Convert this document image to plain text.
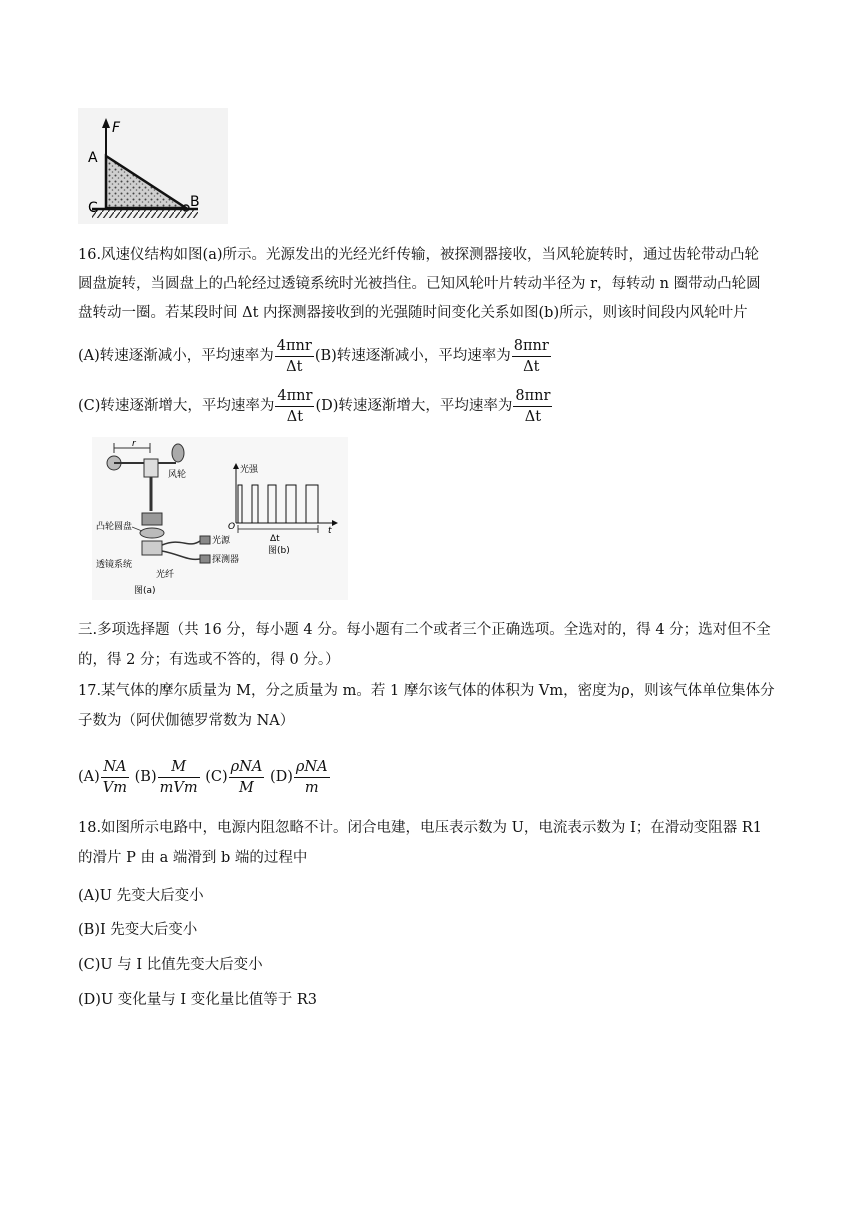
F
A
B
C
16.风速仪结构如图(a)所示。光源发出的光经光纤传输，被探测器接收，当风轮旋转时，通过齿轮带动凸轮
圆盘旋转，当圆盘上的凸轮经过透镜系统时光被挡住。已知风轮叶片转动半径为 r，每转动 n 圈带动凸轮圆
盘转动一圈。若某段时间 Δt 内探测器接收到的光强随时间变化关系如图(b)所示，则该时间段内风轮叶片
(A)转速逐渐减小，平均速率为 $\frac{\text{4πnr}}{\Delta t} (B)$转速逐渐减小，平均速率为 $\frac{\text{8πnr}}{\Delta t}$
(C)转速逐渐增大，平均速率为 $\frac{\text{4πnr}}{\Delta t} (D)$转速逐渐增大，平均速率为 $\frac{\text{8πnr}}{\Delta t}$
r
风轮
凸轮圆盘
透镜系统
光源
探测器
光纤
图(a)
光强
O
Δt
t
图(b)
三.多项选择题（共 16 分，每小题 4 分。每小题有二个或者三个正确选项。全选对的，得 4 分；选对但不全
的，得 2 分；有选或不答的，得 0 分。）
17.某气体的摩尔质量为 M，分之质量为 m。若 1 摩尔该气体的体积为 Vm，密度为ρ，则该气体单位集体分
子数为（阿伏伽德罗常数为 NA）
$(A) \frac{NA}{Vm} (B) \frac{M}{\text{mVm}} (C) \frac{\text{ρNA}}{M} (D) \frac{\text{ρNA}}{m}$
18.如图所示电路中，电源内阻忽略不计。闭合电建，电压表示数为 U，电流表示数为 I；在滑动变阻器 R1
的滑片 P 由 a 端滑到 b 端的过程中
(A)U 先变大后变小
(B)I 先变大后变小
(C)U 与 I 比值先变大后变小
(D)U 变化量与 I 变化量比值等于 R3
